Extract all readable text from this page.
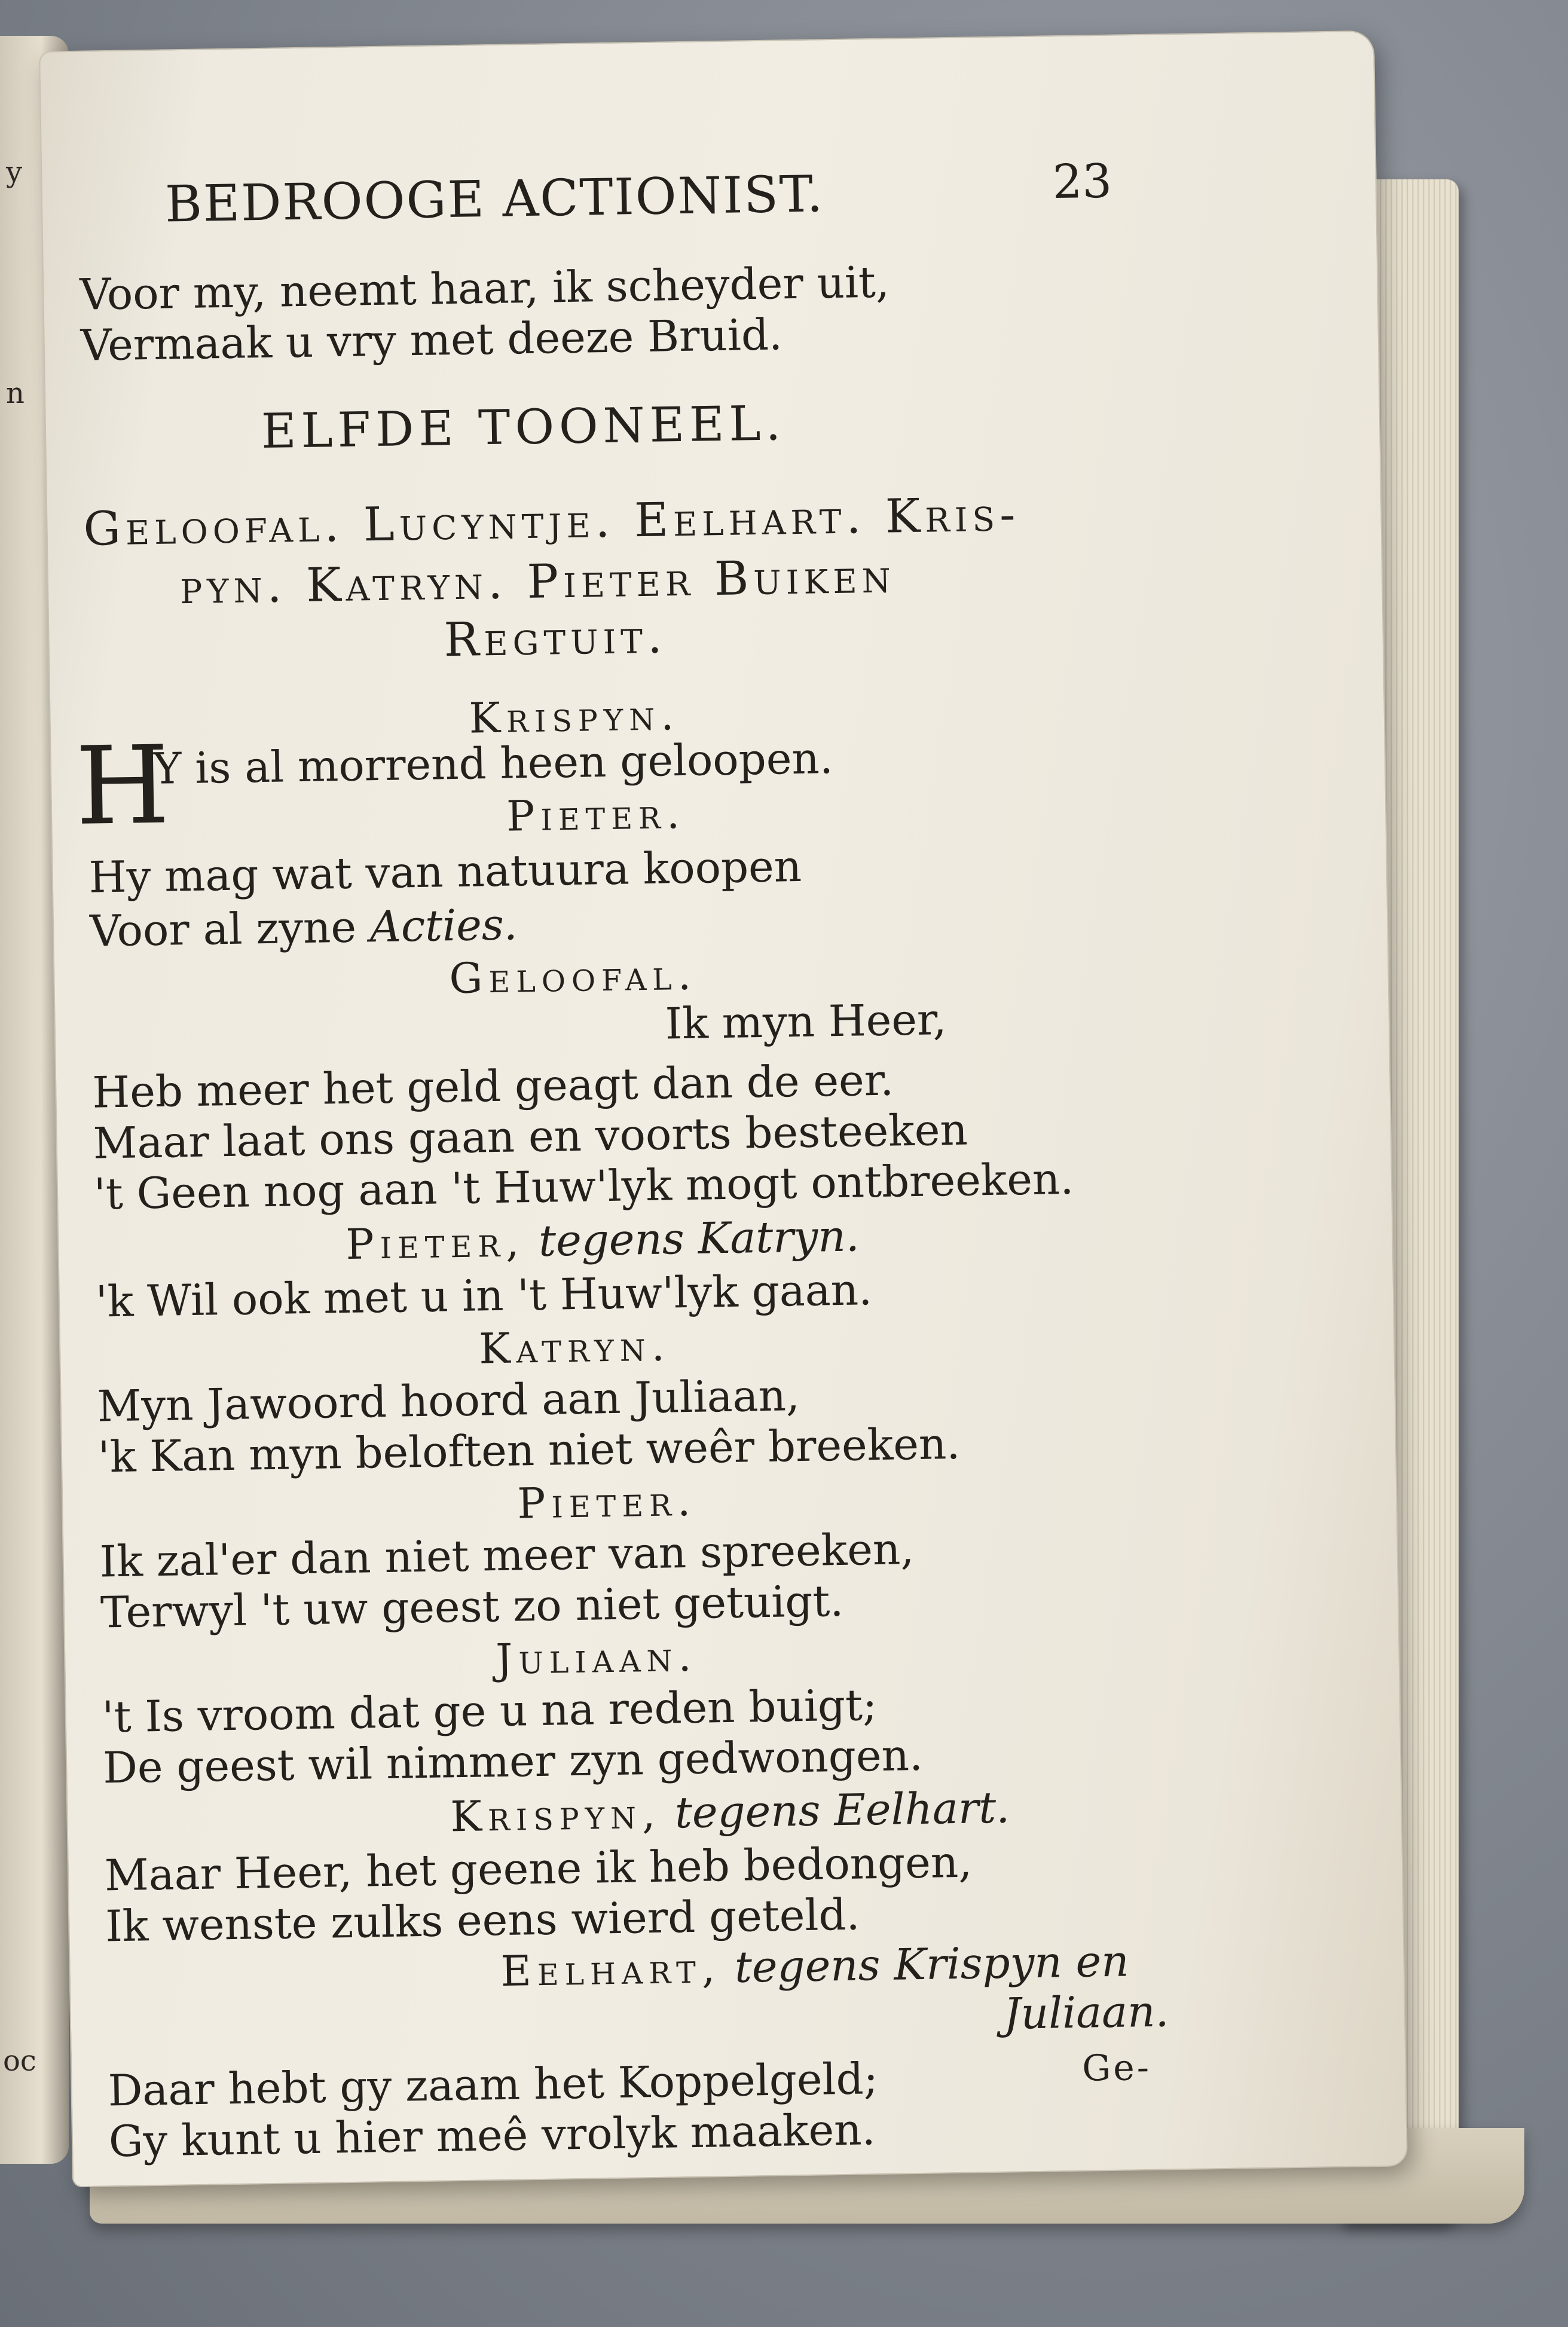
y
n
oc
BEDROOGE ACTIONIST.	23
Voor my, neemt haar, ik scheyder uit,
Vermaak u vry met deeze Bruid.
ELFDE TOONEEL.
Geloofal. Lucyntje. Eelhart. Kris-
pyn. Katryn. Pieter Buiken
Regtuit.
Krispyn.
H
Y is al morrend heen geloopen.
Pieter.
Hy mag wat van natuura koopen
Voor al zyne Acties.
Geloofal.
Ik myn Heer,
Heb meer het geld geagt dan de eer.
Maar laat ons gaan en voorts besteeken
't Geen nog aan 't Huw'lyk mogt ontbreeken.
Pieter, tegens Katryn.
'k Wil ook met u in 't Huw'lyk gaan.
Katryn.
Myn Jawoord hoord aan Juliaan,
'k Kan myn beloften niet weêr breeken.
Pieter.
Ik zal'er dan niet meer van spreeken,
Terwyl 't uw geest zo niet getuigt.
Juliaan.
't Is vroom dat ge u na reden buigt;
De geest wil nimmer zyn gedwongen.
Krispyn, tegens Eelhart.
Maar Heer, het geene ik heb bedongen,
Ik wenste zulks eens wierd geteld.
Eelhart, tegens Krispyn en
Juliaan.
Daar hebt gy zaam het Koppelgeld;	Ge-
Gy kunt u hier meê vrolyk maaken.
